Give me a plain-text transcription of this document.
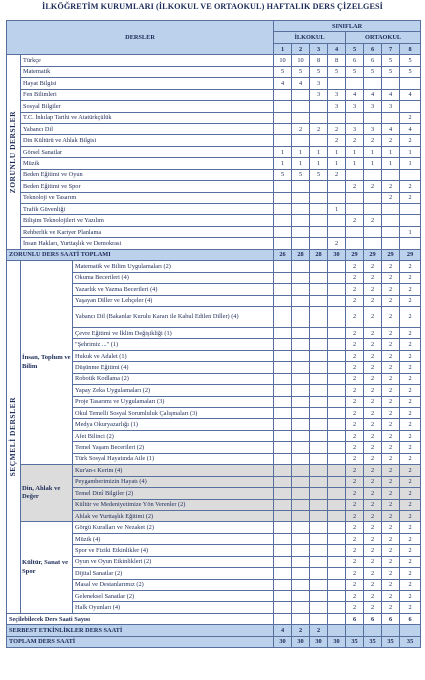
İLKÖĞRETİM KURUMLARI (İLKOKUL VE ORTAOKUL) HAFTALIK DERS ÇİZELGESİ
DERSLER			SINIFLAR							
			İLKOKUL				ORTAOKUL			
			1	2	3	4	5	6	7	8

ZORUNLU DERSLER	Türkçe		10	10	8	8	6	6	5	5
	Matematik		5	5	5	5	5	5	5	5
	Hayat Bilgisi		4	4	3					
	Fen Bilimleri				3	3	4	4	4	4
	Sosyal Bilgiler					3	3	3	3	
	T.C. İnkılap Tarihi ve Atatürkçülük									2
	Yabancı Dil			2	2	2	3	3	4	4
	Din Kültürü ve Ahlak Bilgisi					2	2	2	2	2
	Görsel Sanatlar		1	1	1	1	1	1	1	1
	Müzik		1	1	1	1	1	1	1	1
	Beden Eğitimi ve Oyun		5	5	5	2				
	Beden Eğitimi ve Spor						2	2	2	2
	Teknoloji ve Tasarım								2	2
	Trafik Güvenliği					1				
	Bilişim Teknolojileri ve Yazılım						2	2		
	Rehberlik ve Kariyer Planlama									1
	İnsan Hakları, Yurttaşlık ve Demokrasi					2				
ZORUNLU DERS SAATİ TOPLAMI			26	28	28	30	29	29	29	29

SEÇMELİ DERSLER	İnsan, Toplum ve Bilim	Matematik ve Bilim Uygulamaları (2)					2	2	2	2
		Okuma Becerileri (4)					2	2	2	2
		Yazarlık ve Yazma Becerileri (4)					2	2	2	2
		Yaşayan Diller ve Lehçeler (4)					2	2	2	2
		Yabancı Dil (Bakanlar Kurulu Kararı ile Kabul Edilen Diller) (4)					2	2	2	2
		Çevre Eğitimi ve İklim Değişikliği (1)					2	2	2	2
		"Şehrimiz ..." (1)					2	2	2	2
		Hukuk ve Adalet (1)					2	2	2	2
		Düşünme Eğitimi (4)					2	2	2	2
		Robotik Kodlama (2)					2	2	2	2
		Yapay Zeka Uygulamaları (2)					2	2	2	2
		Proje Tasarımı ve Uygulamaları (3)					2	2	2	2
		Okul Temelli Sosyal Sorumluluk Çalışmaları (3)					2	2	2	2
		Medya Okuryazarlığı (1)					2	2	2	2
		Afet Bilinci (2)					2	2	2	2
		Temel Yaşam Becerileri (2)					2	2	2	2
		Türk Sosyal Hayatında Aile (1)					2	2	2	2
	Din, Ahlak ve Değer	Kur'an-ı Kerim (4)					2	2	2	2
		Peygamberimizin Hayatı (4)					2	2	2	2
		Temel Dinî Bilgiler (2)					2	2	2	2
		Kültür ve Medeniyetimize Yön Verenler (2)					2	2	2	2
		Ahlak ve Yurttaşlık Eğitimi (2)					2	2	2	2
	Kültür, Sanat ve Spor	Görgü Kuralları ve Nezaket (2)					2	2	2	2
		Müzik (4)					2	2	2	2
		Spor ve Fiziki Etkinlikler (4)					2	2	2	2
		Oyun ve Oyun Etkinlikleri (2)					2	2	2	2
		Dijital Sanatlar (2)					2	2	2	2
		Masal ve Destanlarımız (2)					2	2	2	2
		Geleneksel Sanatlar (2)					2	2	2	2
		Halk Oyunları (4)					2	2	2	2
Seçilebilecek Ders Saati Sayısı							6	6	6	6
SERBEST ETKİNLİKLER DERS SAATİ			4	2	2					
TOPLAM DERS SAATİ			30	30	30	30	35	35	35	35
